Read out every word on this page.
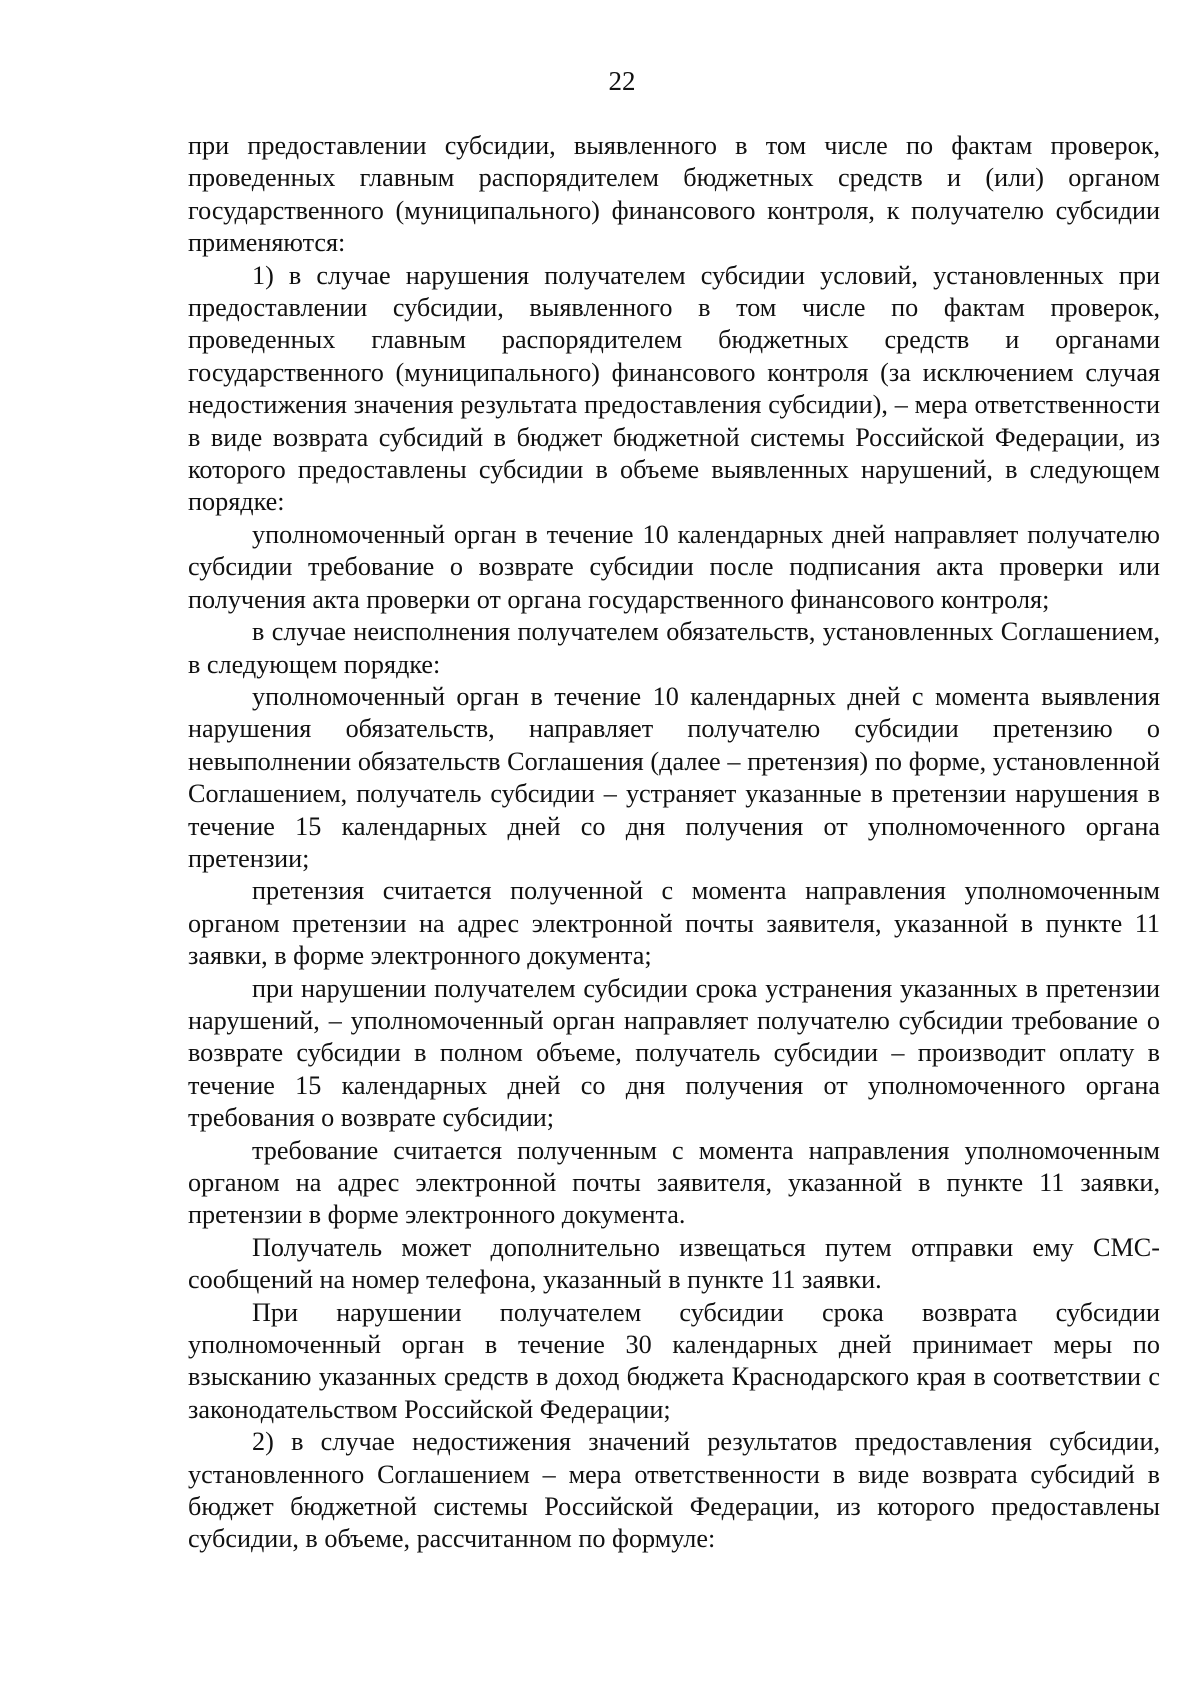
22

при предоставлении субсидии, выявленного в том числе по фактам проверок, проведенных главным распорядителем бюджетных средств и (или) органом государственного (муниципального) финансового контроля, к получателю субсидии применяются:

1) в случае нарушения получателем субсидии условий, установленных при предоставлении субсидии, выявленного в том числе по фактам проверок, проведенных главным распорядителем бюджетных средств и органами государственного (муниципального) финансового контроля (за исключением случая недостижения значения результата предоставления субсидии), – мера ответственности в виде возврата субсидий в бюджет бюджетной системы Российской Федерации, из которого предоставлены субсидии в объеме выявленных нарушений, в следующем порядке:

уполномоченный орган в течение 10 календарных дней направляет получателю субсидии требование о возврате субсидии после подписания акта проверки или получения акта проверки от органа государственного финансового контроля;

в случае неисполнения получателем обязательств, установленных Соглашением, в следующем порядке:

уполномоченный орган в течение 10 календарных дней с момента выявления нарушения обязательств, направляет получателю субсидии претензию о невыполнении обязательств Соглашения (далее – претензия) по форме, установленной Соглашением, получатель субсидии – устраняет указанные в претензии нарушения в течение 15 календарных дней со дня получения от уполномоченного органа претензии;

претензия считается полученной с момента направления уполномоченным органом претензии на адрес электронной почты заявителя, указанной в пункте 11 заявки, в форме электронного документа;

при нарушении получателем субсидии срока устранения указанных в претензии нарушений, – уполномоченный орган направляет получателю субсидии требование о возврате субсидии в полном объеме, получатель субсидии – производит оплату в течение 15 календарных дней со дня получения от уполномоченного органа требования о возврате субсидии;

требование считается полученным с момента направления уполномоченным органом на адрес электронной почты заявителя, указанной в пункте 11 заявки, претензии в форме электронного документа.

Получатель может дополнительно извещаться путем отправки ему СМС-сообщений на номер телефона, указанный в пункте 11 заявки.

При нарушении получателем субсидии срока возврата субсидии уполномоченный орган в течение 30 календарных дней принимает меры по взысканию указанных средств в доход бюджета Краснодарского края в соответствии с законодательством Российской Федерации;

2) в случае недостижения значений результатов предоставления субсидии, установленного Соглашением – мера ответственности в виде возврата субсидий в бюджет бюджетной системы Российской Федерации, из которого предоставлены субсидии, в объеме, рассчитанном по формуле:
